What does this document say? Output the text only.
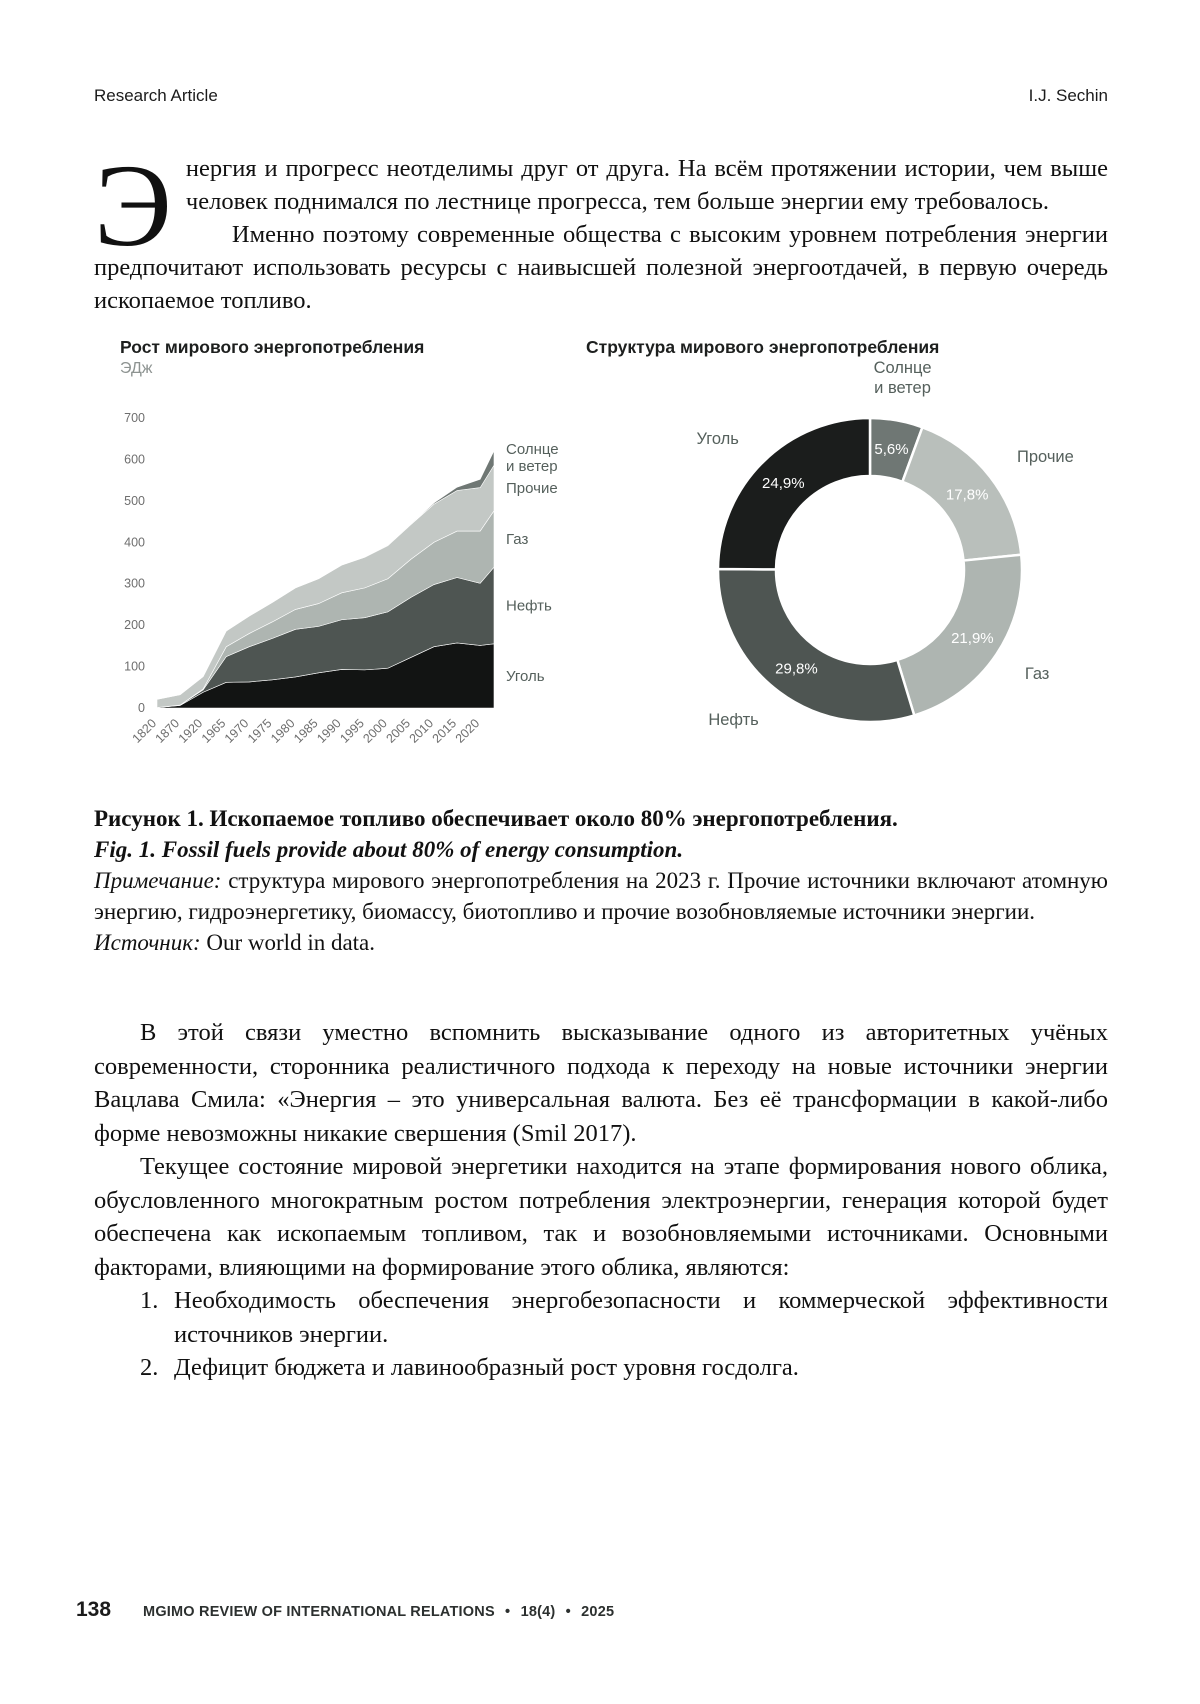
Research Article	I.J. Sechin

Энергия и прогресс неотделимы друг от друга. На всём протяжении истории, чем выше человек поднимался по лестнице прогресса, тем больше энергии ему требовалось.

Именно поэтому современные общества с высоким уровнем потребления энергии предпочитают использовать ресурсы с наивысшей полезной энергоотдачей, в первую очередь ископаемое топливо.

Рост мирового энергопотребления
ЭДж
0
100
200
300
400
500
600
700
1820
1870
1920
1965
1970
1975
1980
1985
1990
1995
2000
2005
2010
2015
2020
Уголь
Нефть
Газ
Прочие
Солнце и ветер
Структура мирового энергопотребления
5,6%
Солнце и ветер
17,8%
Прочие
21,9%
Газ
29,8%
Нефть
24,9%
Уголь

Рисунок 1. Ископаемое топливо обеспечивает около 80% энергопотребления.

Fig. 1. Fossil fuels provide about 80% of energy consumption.

Примечание: структура мирового энергопотребления на 2023 г. Прочие источники включают атомную энергию, гидроэнергетику, биомассу, биотопливо и прочие возобновляемые источники энергии.

Источник: Our world in data.

В этой связи уместно вспомнить высказывание одного из авторитетных учёных современности, сторонника реалистичного подхода к переходу на новые источники энергии Вацлава Смила: «Энергия – это универсальная валюта. Без её трансформации в какой-либо форме невозможны никакие свершения (Smil 2017).

Текущее состояние мировой энергетики находится на этапе формирования нового облика, обусловленного многократным ростом потребления электроэнергии, генерация которой будет обеспечена как ископаемым топливом, так и возобновляемыми источниками. Основными факторами, влияющими на формирование этого облика, являются:

1. Необходимость обеспечения энергобезопасности и коммерческой эффективности источников энергии.
2. Дефицит бюджета и лавинообразный рост уровня госдолга.
138 MGIMO REVIEW OF INTERNATIONAL RELATIONS • 18(4) • 2025
